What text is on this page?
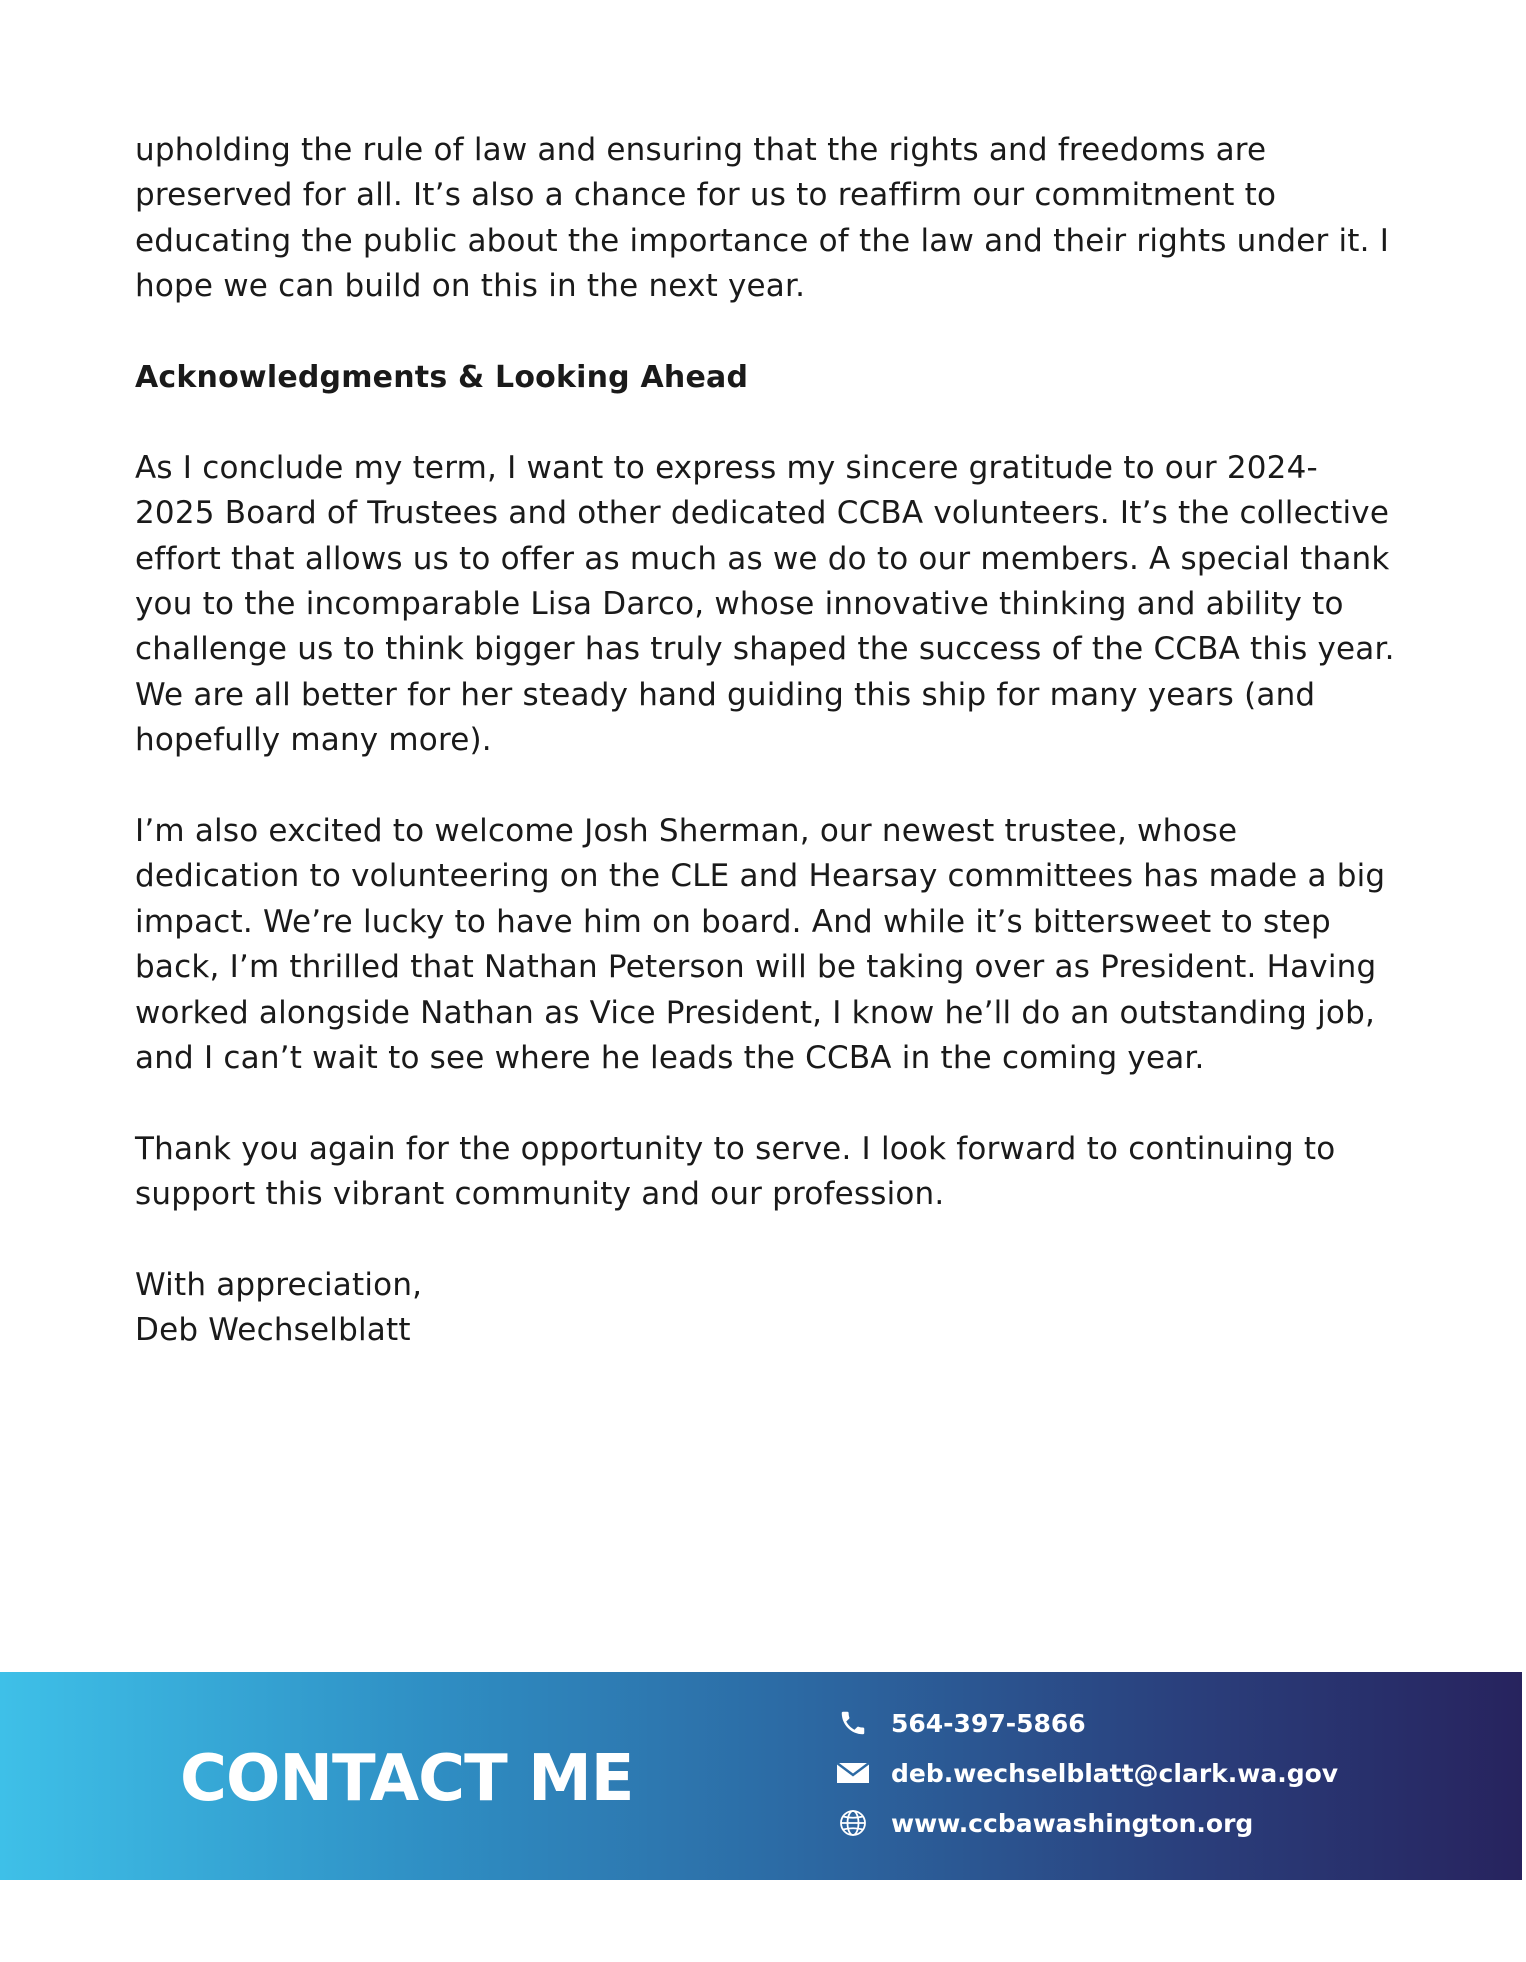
upholding the rule of law and ensuring that the rights and freedoms are preserved for all. It’s also a chance for us to reaffirm our commitment to educating the public about the importance of the law and their rights under it. I hope we can build on this in the next year.

Acknowledgments & Looking Ahead

As I conclude my term, I want to express my sincere gratitude to our 2024-2025 Board of Trustees and other dedicated CCBA volunteers. It’s the collective effort that allows us to offer as much as we do to our members. A special thank you to the incomparable Lisa Darco, whose innovative thinking and ability to challenge us to think bigger has truly shaped the success of the CCBA this year. We are all better for her steady hand guiding this ship for many years (and hopefully many more).

I’m also excited to welcome Josh Sherman, our newest trustee, whose dedication to volunteering on the CLE and Hearsay committees has made a big impact. We’re lucky to have him on board. And while it’s bittersweet to step back, I’m thrilled that Nathan Peterson will be taking over as President. Having worked alongside Nathan as Vice President, I know he’ll do an outstanding job, and I can’t wait to see where he leads the CCBA in the coming year.

Thank you again for the opportunity to serve. I look forward to continuing to support this vibrant community and our profession.

With appreciation,
Deb Wechselblatt
CONTACT ME
564-397-5866
deb.wechselblatt@clark.wa.gov
www.ccbawashington.org
